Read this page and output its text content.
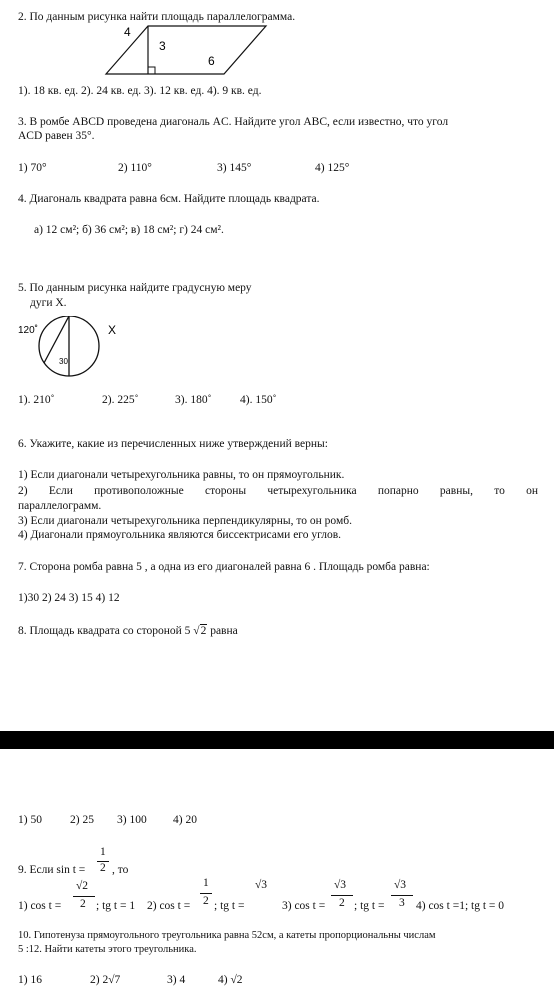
2. По данным рисунка найти площадь параллелограмма.
4
3
6
1). 18 кв. ед. 2). 24 кв. ед. 3). 12 кв. ед. 4). 9 кв. ед.
3. В ромбе ABCD проведена диагональ AC. Найдите угол ABC, если известно, что угол
ACD равен 35°.
1) 70°	2) 110°	3) 145°	4) 125°
4. Диагональ квадрата равна 6см. Найдите площадь квадрата.
а) 12 см²; б) 36 см²; в) 18 см²; г) 24 см².
5. По данным рисунка найдите градусную меру
дуги Х.
120˚
30
X
1). 210˚	2). 225˚	3). 180˚ 4). 150˚
6. Укажите, какие из перечисленных ниже утверждений верны:
1) Если диагонали четырехугольника равны, то он прямоугольник.
2) Если противоположные стороны четырехугольника попарно равны, то он
параллелограмм.
3) Если диагонали четырехугольника перпендикулярны, то он ромб.
4) Диагонали прямоугольника являются биссектрисами его углов.
7. Сторона ромба равна 5 , а одна из его диагоналей равна 6 . Площадь ромба равна:
1)30 2) 24 3) 15 4) 12
8. Площадь квадрата со стороной 5 √2 равна
1) 50 2) 25 3) 100 4) 20
9. Если sin t =
1
2 , то
1) cos t =
√2
2 ; tg t = 1 2) cos t =
1
2 ; tg t =
√3
3) cos t =
√3
2 ; tg t =
√3
3 4) cos t =1; tg t = 0
10. Гипотенуза прямоугольного треугольника равна 52см, а катеты пропорциональны числам
5 :12. Найти катеты этого треугольника.
1) 16	2) 2√7	3) 4	4) √2
